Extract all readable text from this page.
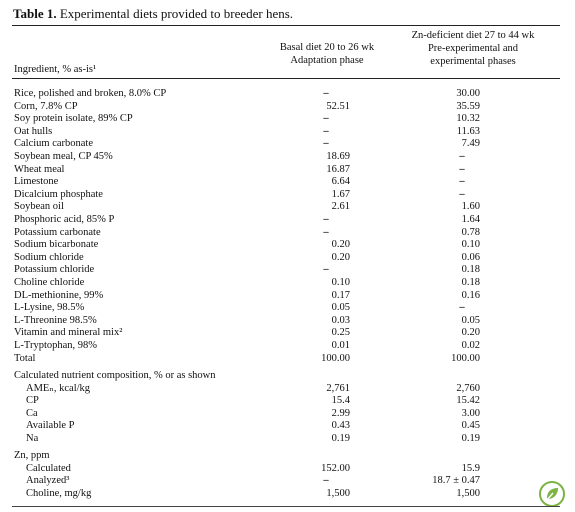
Table 1. Experimental diets provided to breeder hens.
Basal diet 20 to 26 wk
Adaptation phase
Zn-deficient diet 27 to 44 wk
Pre-experimental and
experimental phases
Ingredient, % as-is¹
Rice, polished and broken, 8.0% CP	–	30.00
Corn, 7.8% CP	52.51	35.59
Soy protein isolate, 89% CP	–	10.32
Oat hulls	–	11.63
Calcium carbonate	–	7.49
Soybean meal, CP 45%	18.69	–
Wheat meal	16.87	–
Limestone	6.64	–
Dicalcium phosphate	1.67	–
Soybean oil	2.61	1.60
Phosphoric acid, 85% P	–	1.64
Potassium carbonate	–	0.78
Sodium bicarbonate	0.20	0.10
Sodium chloride	0.20	0.06
Potassium chloride	–	0.18
Choline chloride	0.10	0.18
DL-methionine, 99%	0.17	0.16
L-Lysine, 98.5%	0.05	–
L-Threonine 98.5%	0.03	0.05
Vitamin and mineral mix²	0.25	0.20
L-Tryptophan, 98%	0.01	0.02
Total	100.00	100.00
Calculated nutrient composition, % or as shown
AMEₙ, kcal/kg	2,761	2,760
CP	15.4	15.42
Ca	2.99	3.00
Available P	0.43	0.45
Na	0.19	0.19
Zn, ppm
Calculated	152.00	15.9
Analyzed³	–	18.7 ± 0.47
Choline, mg/kg	1,500	1,500
